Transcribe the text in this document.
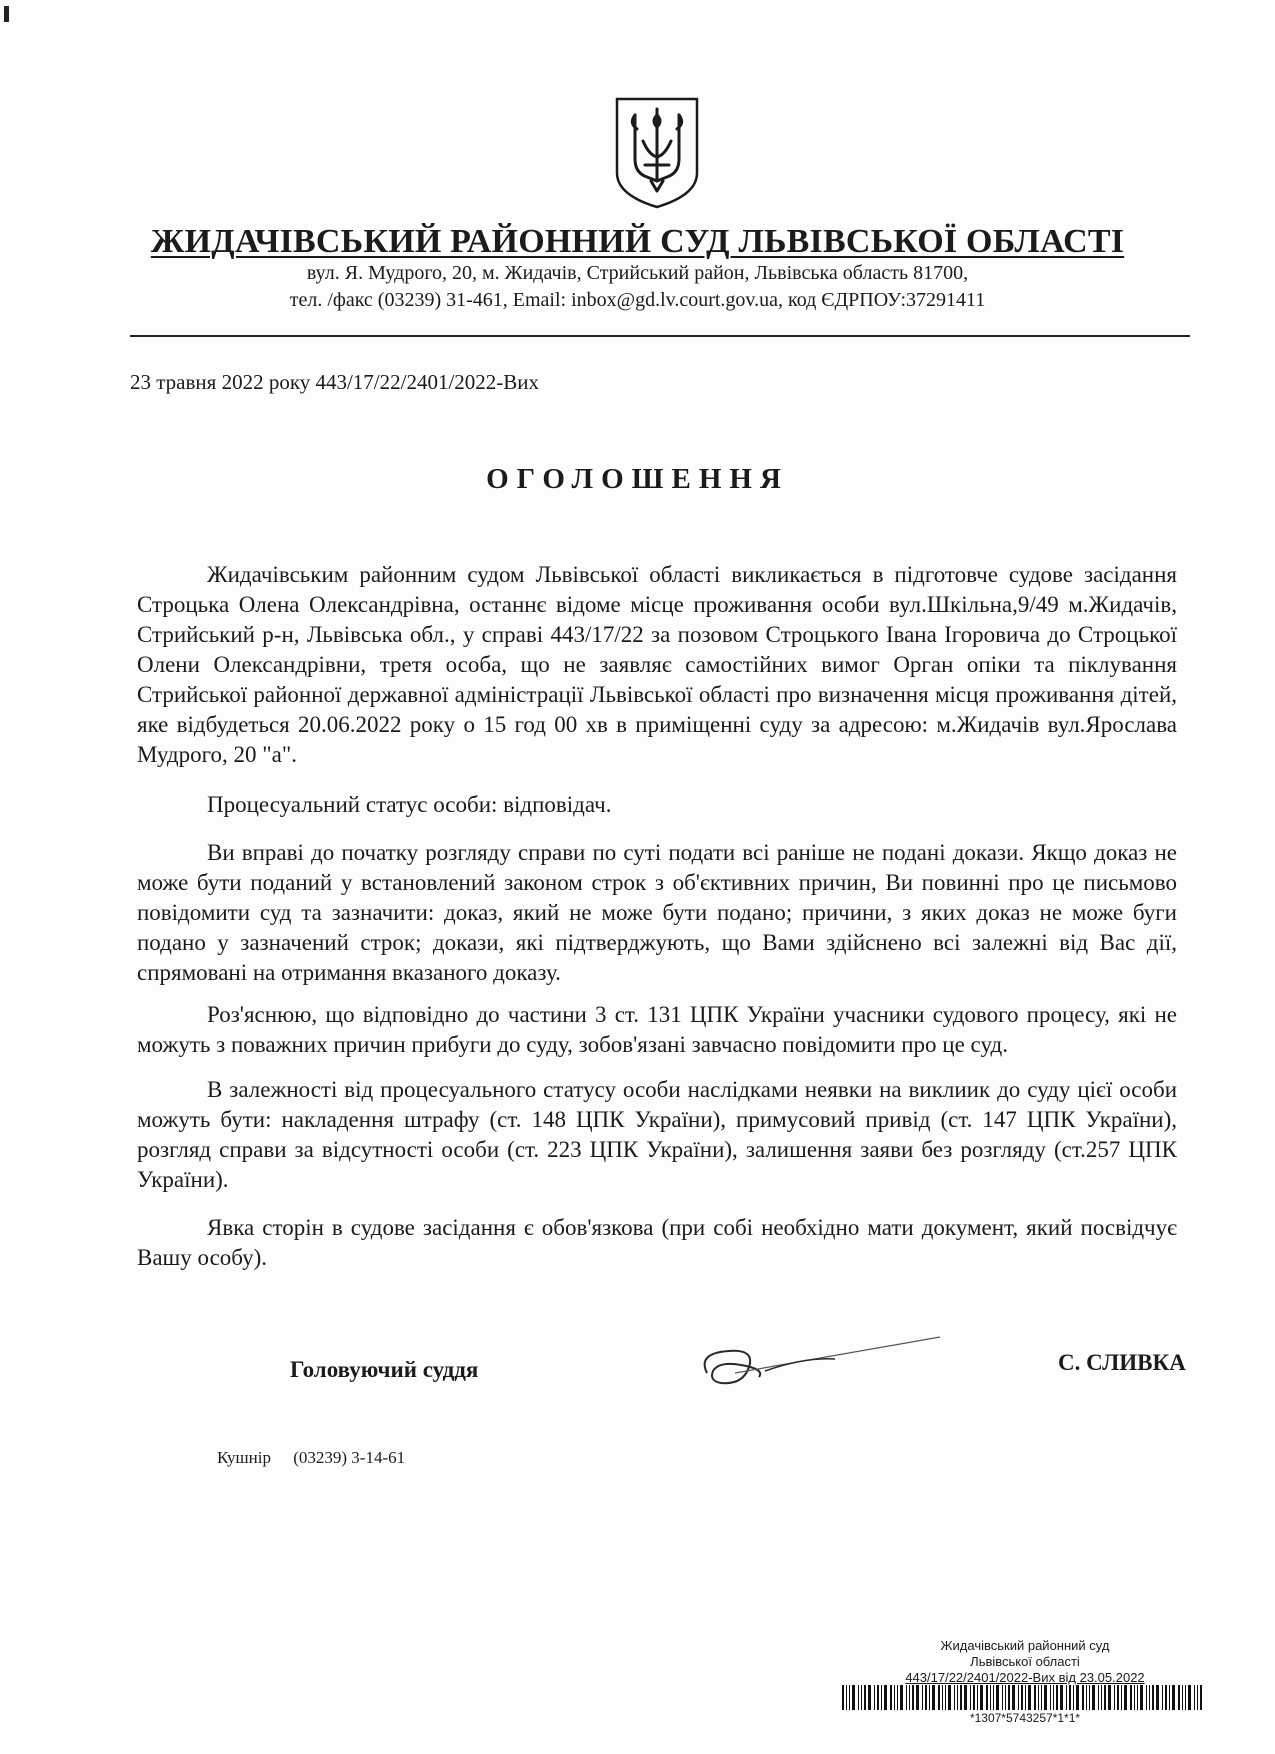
ЖИДАЧІВСЬКИЙ РАЙОННИЙ СУД ЛЬВІВСЬКОЇ ОБЛАСТІ
вул. Я. Мудрого, 20, м. Жидачів, Стрийський район, Львівська область 81700,
тел. /факс (03239) 31-461, Email: inbox@gd.lv.court.gov.ua, код ЄДРПОУ:37291411
23 травня 2022 року 443/17/22/2401/2022-Вих
ОГОЛОШЕННЯ

Жидачівським районним судом Львівської області викликається в підготовче судове засідання Строцька Олена Олександрівна, останнє відоме місце проживання особи вул.Шкільна,9/49 м.Жидачів, Стрийський р-н, Львівська обл., у справі 443/17/22 за позовом Строцького Івана Ігоровича до Строцької Олени Олександрівни, третя особа, що не заявляє самостійних вимог Орган опіки та піклування Стрийської районної державної адміністрації Львівської області про визначення місця проживання дітей, яке відбудеться 20.06.2022 року о 15 год 00 хв в приміщенні суду за адресою: м.Жидачів вул.Ярослава Мудрого, 20 "а".

Процесуальний статус особи: відповідач.

Ви вправі до початку розгляду справи по суті подати всі раніше не подані докази. Якщо доказ не може бути поданий у встановлений законом строк з об'єктивних причин, Ви повинні про це письмово повідомити суд та зазначити: доказ, який не може бути подано; причини, з яких доказ не може буги подано у зазначений строк; докази, які підтверджують, що Вами здійснено всі залежні від Вас дії, спрямовані на отримання вказаного доказу.

Роз'яснюю, що відповідно до частини 3 ст. 131 ЦПК України учасники судового процесу, які не можуть з поважних причин прибуги до суду, зобов'язані завчасно повідомити про це суд.

В залежності від процесуального статусу особи наслідками неявки на виклиик до суду цієї особи можуть бути: накладення штрафу (ст. 148 ЦПК України), примусовий привід (ст. 147 ЦПК України), розгляд справи за відсутності особи (ст. 223 ЦПК України), залишення заяви без розгляду (ст.257 ЦПК України).

Явка сторін в судове засідання є обов'язкова (при собі необхідно мати документ, який посвідчує Вашу особу).

Головуючий суддя	С. СЛИВКА
Кушнір (03239) 3-14-61
Жидачівський районний суд
Львівської області
443/17/22/2401/2022-Вих від 23.05.2022
*1307*5743257*1*1*
